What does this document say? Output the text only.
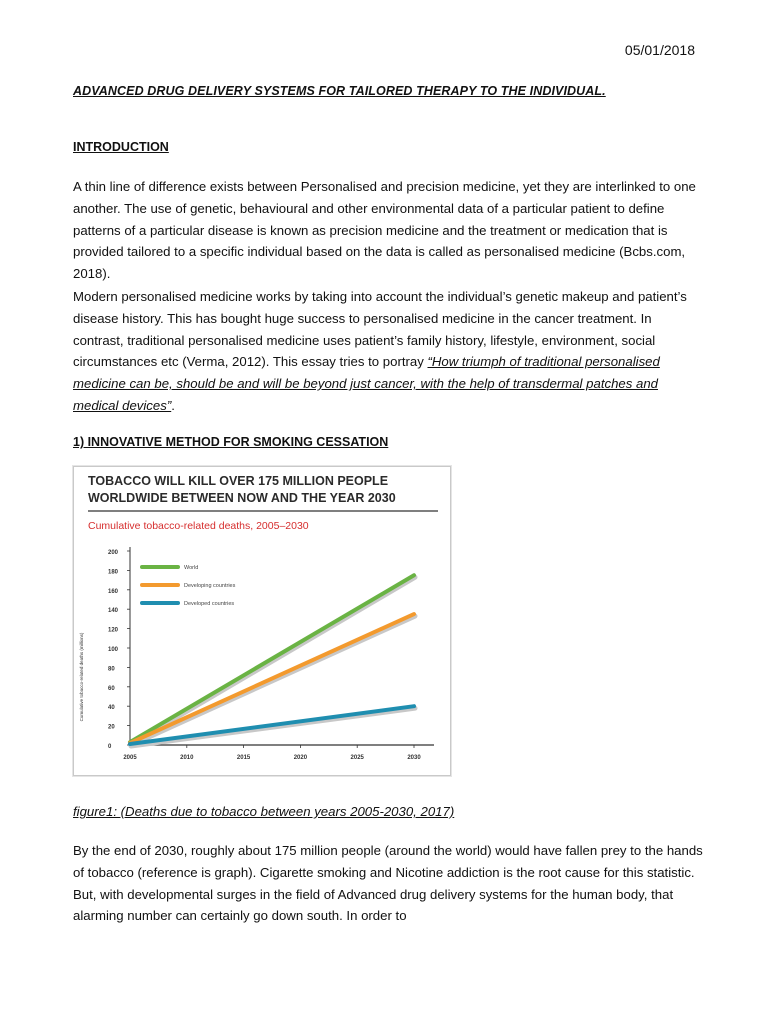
05/01/2018
ADVANCED DRUG DELIVERY SYSTEMS FOR TAILORED THERAPY TO THE INDIVIDUAL.
INTRODUCTION
A thin line of difference exists between Personalised and precision medicine, yet they are interlinked to one another. The use of genetic, behavioural and other environmental data of a particular patient to define patterns of a particular disease is known as precision medicine and the treatment or medication that is provided tailored to a specific individual based on the data is called as personalised medicine (Bcbs.com, 2018).
Modern personalised medicine works by taking into account the individual’s genetic makeup and patient’s disease history. This has bought huge success to personalised medicine in the cancer treatment. In contrast, traditional personalised medicine uses patient’s family history, lifestyle, environment, social circumstances etc (Verma, 2012). This essay tries to portray “How triumph of traditional personalised medicine can be, should be and will be beyond just cancer, with the help of transdermal patches and medical devices”.
1) INNOVATIVE METHOD FOR SMOKING CESSATION
TOBACCO WILL KILL OVER 175 MILLION PEOPLE
WORLDWIDE BETWEEN NOW AND THE YEAR 2030
Cumulative tobacco-related deaths, 2005–2030
Cumulative tobacco-related deaths (millions)
0
20
40
60
80
100
120
140
160
180
200
2005	2010	2015	2020	2025	2030
World
Developing countries
Developed countries
figure1: (Deaths due to tobacco between years 2005-2030, 2017)
By the end of 2030, roughly about 175 million people (around the world) would have fallen prey to the hands of tobacco (reference is graph). Cigarette smoking and Nicotine addiction is the root cause for this statistic. But, with developmental surges in the field of Advanced drug delivery systems for the human body, that alarming number can certainly go down south. In order to
